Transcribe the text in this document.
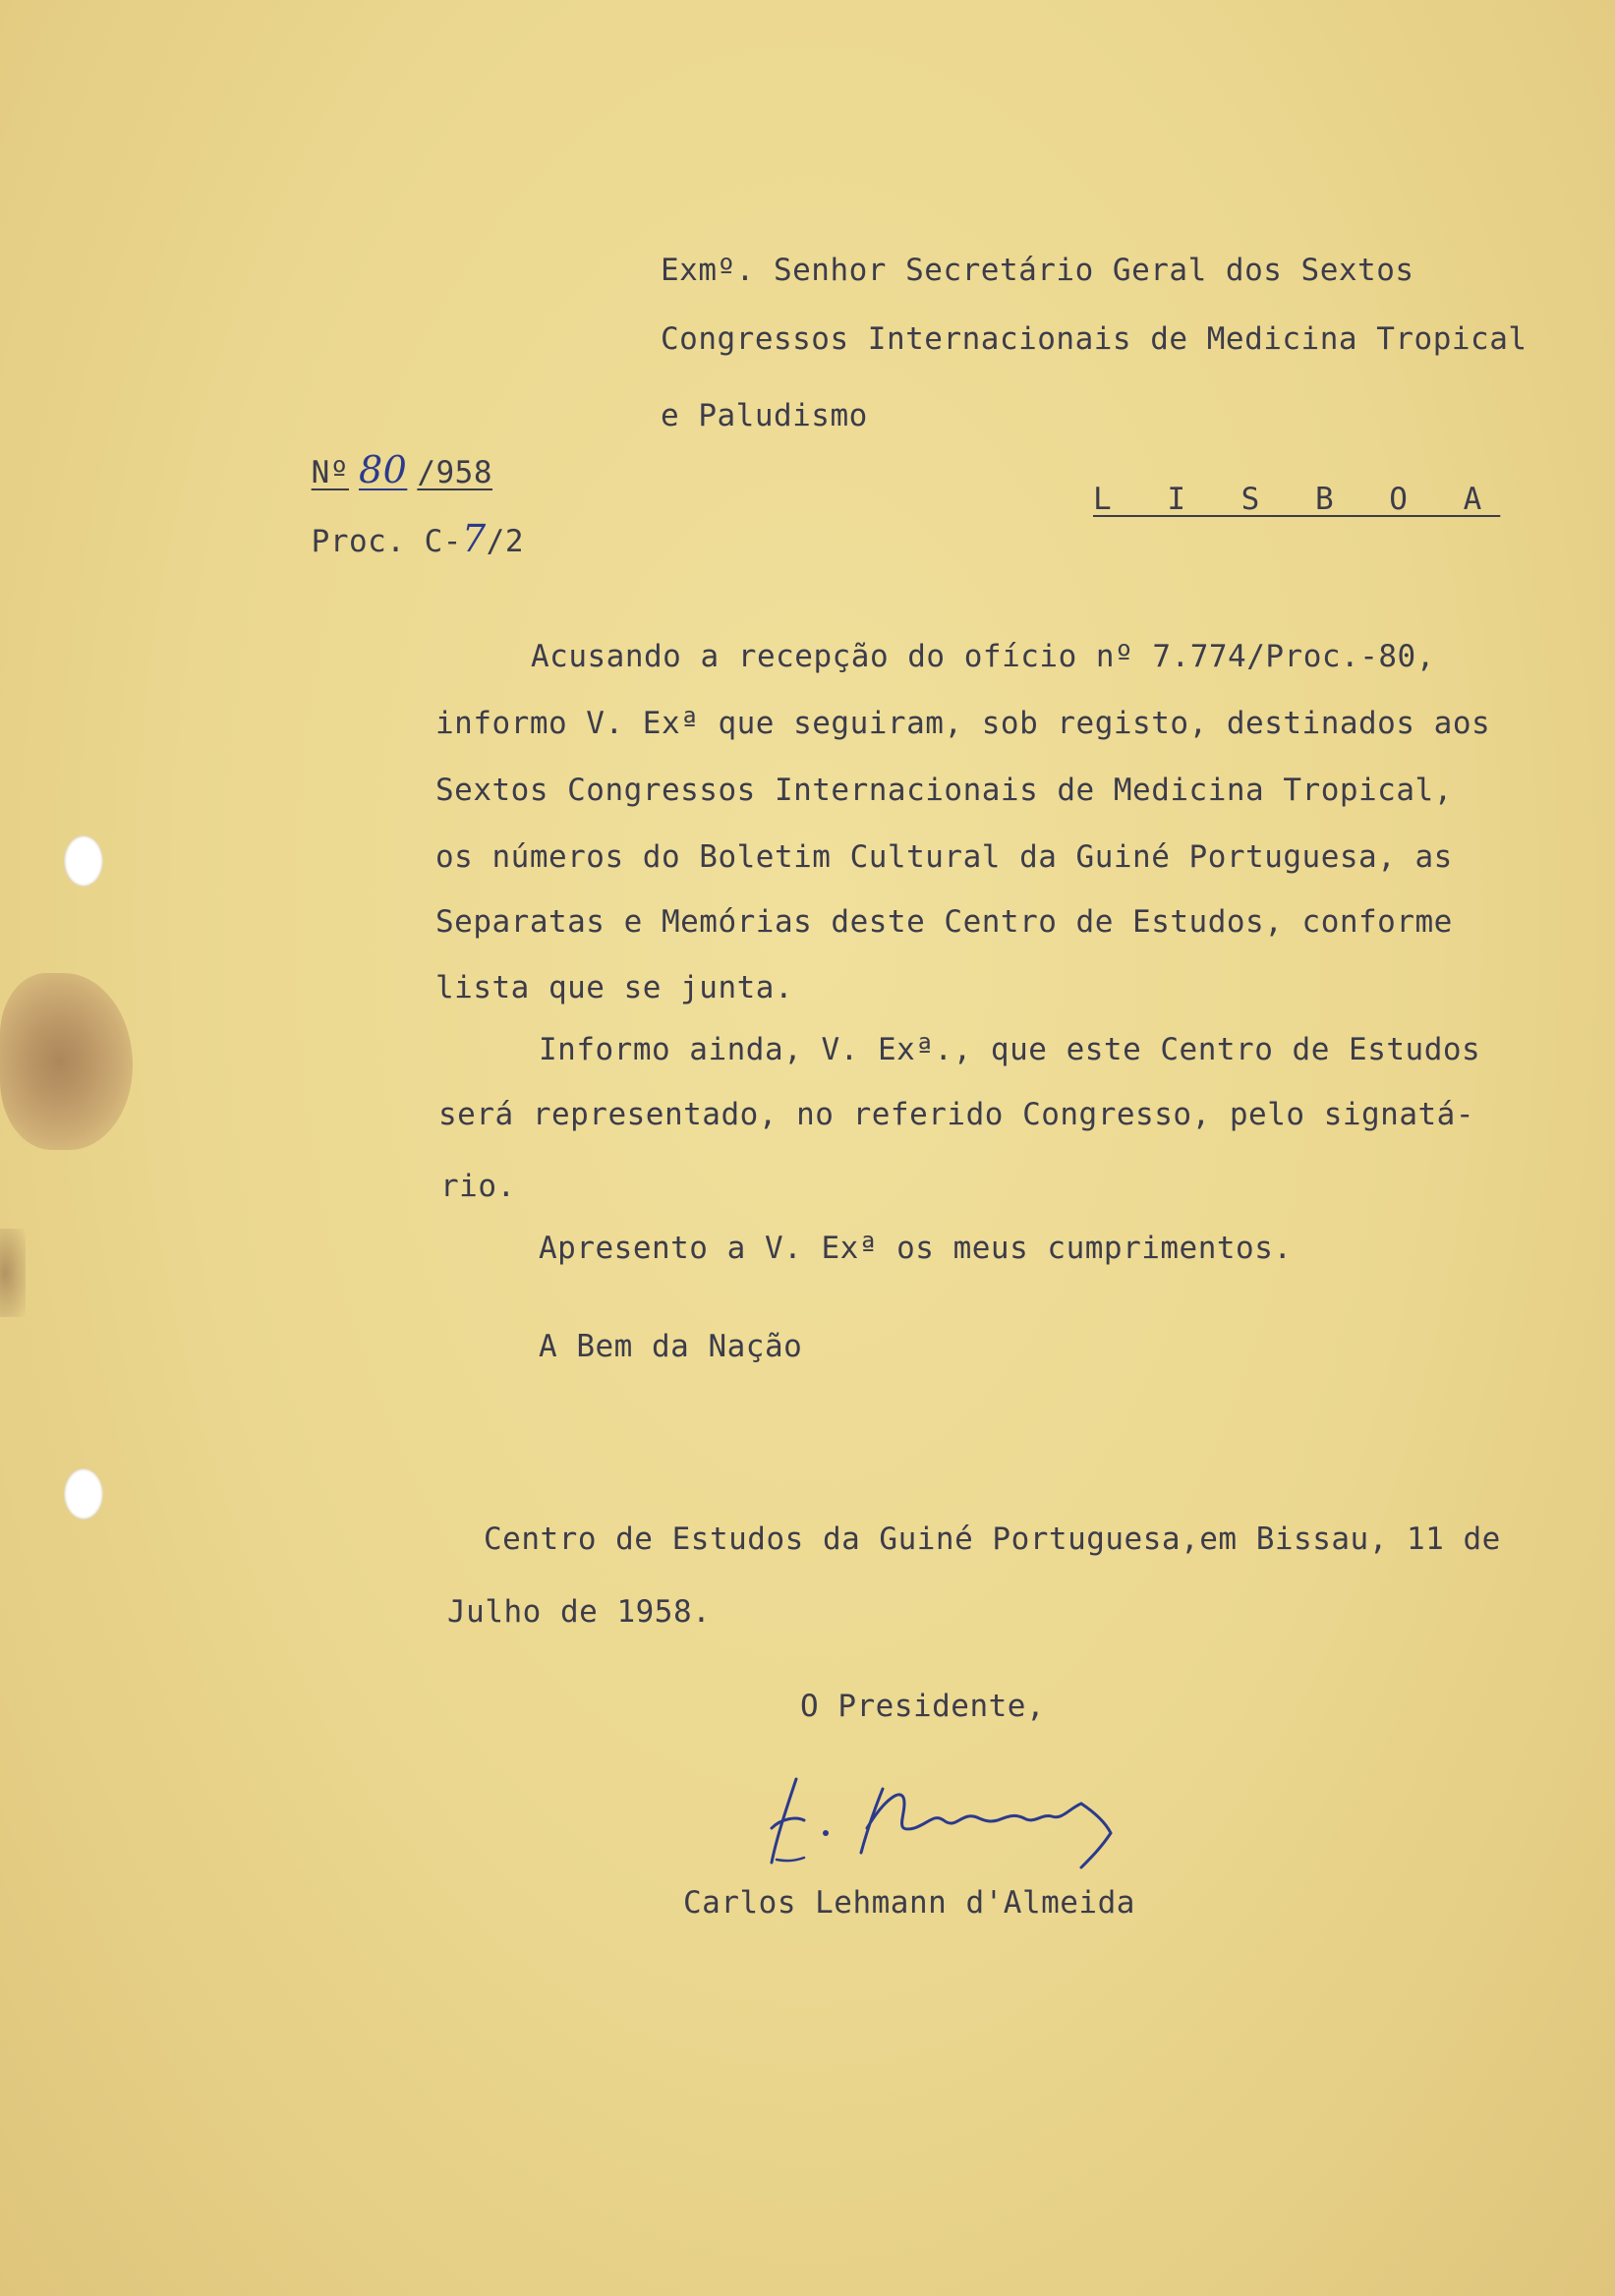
Exmº. Senhor Secretário Geral dos Sextos
Congressos Internacionais de Medicina Tropical
e Paludismo
L I S B O A

Nº 80 /958

Proc. C-7/2

Acusando a recepção do ofício nº 7.774/Proc.-80,
informo V. Exª que seguiram, sob registo, destinados aos
Sextos Congressos Internacionais de Medicina Tropical,
os números do Boletim Cultural da Guiné Portuguesa, as
Separatas e Memórias deste Centro de Estudos, conforme
lista que se junta.
Informo ainda, V. Exª., que este Centro de Estudos
será representado, no referido Congresso, pelo signatá-
rio.
Apresento a V. Exª os meus cumprimentos.
A Bem da Nação
Centro de Estudos da Guiné Portuguesa,em Bissau, 11 de
Julho de 1958.
O Presidente,
Carlos Lehmann d'Almeida
